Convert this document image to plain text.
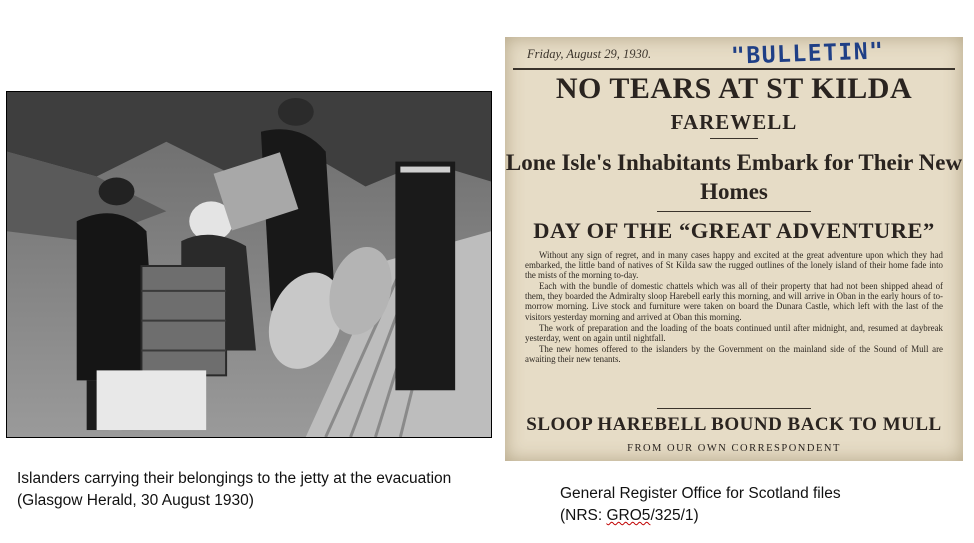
Islanders carrying their belongings to the jetty at the evacuation (Glasgow Herald, 30 August 1930)
Friday, August 29, 1930.	"BULLETIN"
NO TEARS AT ST KILDA
FAREWELL
Lone Isle's Inhabitants Embark for Their New Homes
DAY OF THE “GREAT ADVENTURE”

Without any sign of regret, and in many cases happy and excited at the great adventure upon which they had embarked, the little band of natives of St Kilda saw the rugged outlines of the lonely island of their home fade into the mists of the morning to-day.

Each with the bundle of domestic chattels which was all of their property that had not been shipped ahead of them, they boarded the Admiralty sloop Harebell early this morning, and will arrive in Oban in the early hours of to-morrow morning. Live stock and furniture were taken on board the Dunara Castle, which left with the last of the visitors yesterday morning and arrived at Oban this morning.

The work of preparation and the loading of the boats continued until after midnight, and, resumed at daybreak yesterday, went on again until nightfall.

The new homes offered to the islanders by the Government on the mainland side of the Sound of Mull are awaiting their new tenants.

SLOOP HAREBELL BOUND BACK TO MULL
FROM OUR OWN CORRESPONDENT
General Register Office for Scotland files
(NRS: GRO5/325/1)
